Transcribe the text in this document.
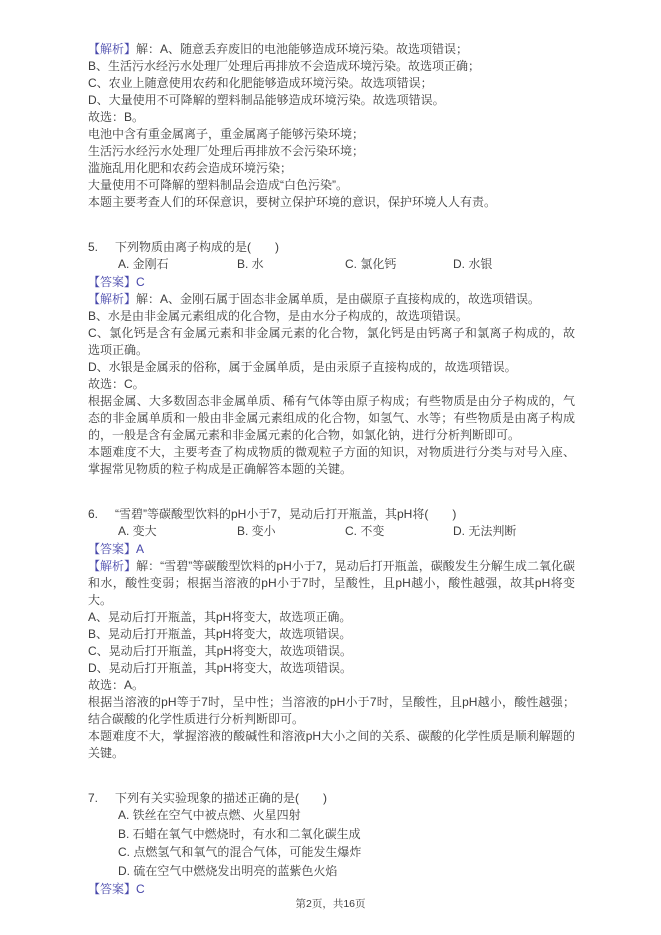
【解析】解：A、随意丢弃废旧的电池能够造成环境污染。故选项错误；

B、生活污水经污水处理厂处理后再排放不会造成环境污染。故选项正确；

C、农业上随意使用农药和化肥能够造成环境污染。故选项错误；

D、大量使用不可降解的塑料制品能够造成环境污染。故选项错误。

故选：B。

电池中含有重金属离子，重金属离子能够污染环境；

生活污水经污水处理厂处理后再排放不会污染环境；

滥施乱用化肥和农药会造成环境污染；

大量使用不可降解的塑料制品会造成“白色污染”。

本题主要考查人们的环保意识，要树立保护环境的意识，保护环境人人有责。

5. 下列物质由离子构成的是(　　)

A. 金刚石	B. 水	C. 氯化钙	D. 水银

【答案】C

【解析】解：A、金刚石属于固态非金属单质，是由碳原子直接构成的，故选项错误。

B、水是由非金属元素组成的化合物，是由水分子构成的，故选项错误。

C、氯化钙是含有金属元素和非金属元素的化合物，氯化钙是由钙离子和氯离子构成的，故选项正确。

D、水银是金属汞的俗称，属于金属单质，是由汞原子直接构成的，故选项错误。

故选：C。

根据金属、大多数固态非金属单质、稀有气体等由原子构成；有些物质是由分子构成的，气态的非金属单质和一般由非金属元素组成的化合物，如氢气、水等；有些物质是由离子构成的，一般是含有金属元素和非金属元素的化合物，如氯化钠，进行分析判断即可。

本题难度不大，主要考查了构成物质的微观粒子方面的知识，对物质进行分类与对号入座、掌握常见物质的粒子构成是正确解答本题的关键。

6. “雪碧”等碳酸型饮料的pH小于7，晃动后打开瓶盖，其pH将(　　)

A. 变大	B. 变小	C. 不变	D. 无法判断

【答案】A

【解析】解：“雪碧”等碳酸型饮料的pH小于7，晃动后打开瓶盖，碳酸发生分解生成二氧化碳和水，酸性变弱；根据当溶液的pH小于7时，呈酸性，且pH越小，酸性越强，故其pH将变大。

A、晃动后打开瓶盖，其pH将变大，故选项正确。

B、晃动后打开瓶盖，其pH将变大，故选项错误。

C、晃动后打开瓶盖，其pH将变大，故选项错误。

D、晃动后打开瓶盖，其pH将变大，故选项错误。

故选：A。

根据当溶液的pH等于7时，呈中性；当溶液的pH小于7时，呈酸性，且pH越小，酸性越强；结合碳酸的化学性质进行分析判断即可。

本题难度不大，掌握溶液的酸碱性和溶液pH大小之间的关系、碳酸的化学性质是顺利解题的关键。

7. 下列有关实验现象的描述正确的是(　　)

A. 铁丝在空气中被点燃、火星四射

B. 石蜡在氧气中燃烧时，有水和二氧化碳生成

C. 点燃氢气和氧气的混合气体，可能发生爆炸

D. 硫在空气中燃烧发出明亮的蓝紫色火焰

【答案】C

第2页，共16页
